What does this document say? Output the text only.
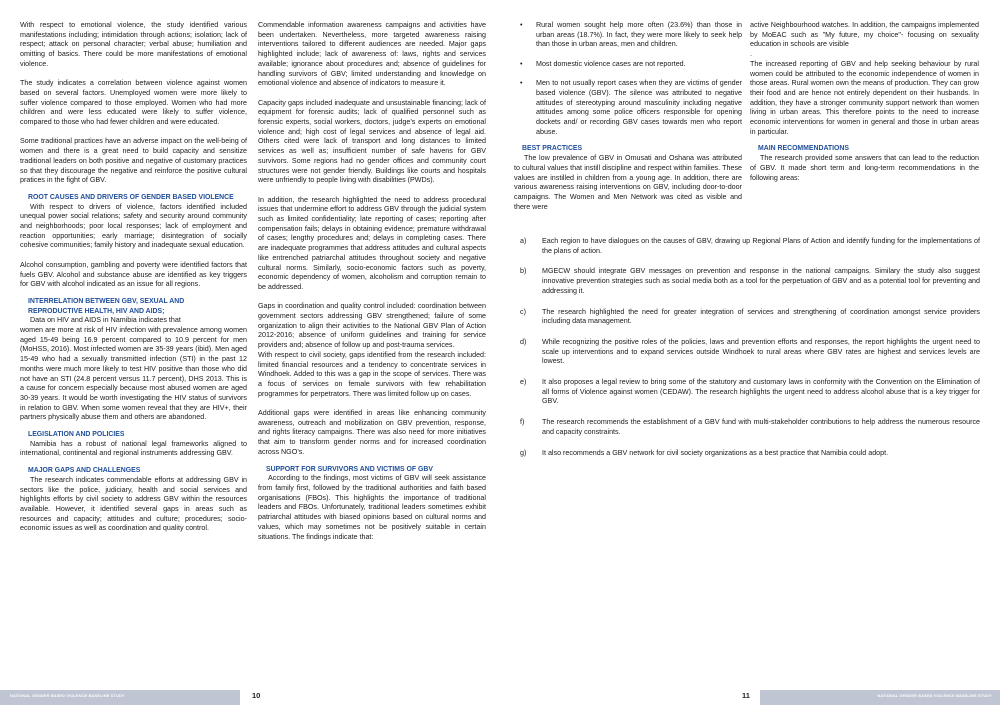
With respect to emotional violence, the study identified various manifestations including; intimidation through actions; isolation; lack of respect; attack on personal character; verbal abuse; humiliation and omitting of basics. There could be more manifestations of emotional violence.

The study indicates a correlation between violence against women based on several factors. Unemployed women were more likely to suffer violence compared to those employed. Women who had more children and were less educated were likely to suffer violence, compared to those who had fewer children and were educated.

Some traditional practices have an adverse impact on the well-being of women and there is a great need to build capacity and sensitize traditional leaders on both positive and negative of customary practices so that they discourage the negative and reinforce the positive cultural pratices in the fight of GBV.

ROOT CAUSES AND DRIVERS OF GENDER BASED VIOLENCE

With respect to drivers of violence, factors identified included unequal power social relations; safety and security around community and neighborhoods; poor local responses; lack of employment and reaction opportunities; early marriage; disintegration of socially cohesive communities; family history and inadequate sexual education.

Alcohol consumption, gambling and poverty were identified factors that fuels GBV. Alcohol and substance abuse are identified as key triggers for GBV with alcohol indicated as an issue for all regions.

INTERRELATION BETWEEN GBV, SEXUAL AND
REPRODUCTIVE HEALTH, HIV AND AIDS;
Data on HIV and AIDS in Namibia indicates that

women are more at risk of HIV infection with prevalence among women aged 15-49 being 16.9 percent compared to 10.9 percent for men (MoHSS, 2016). Most infected women are 35-39 years (ibid). Men aged 15-49 who had a sexually transmitted infection (STI) in the past 12 months were much more likely to test HIV positive than those who did not have an STI (24.8 percent versus 11.7 percent), DHS 2013. This is a cause for concern especially because most abused women are aged 30-39 years. It would be worth investigating the HIV status of survivors in relation to GBV. When some women reveal that they are HIV+, their partners physically abuse them and others are abandoned.

LEGISLATION AND POLICIES

Namibia has a robust of national legal frameworks aligned to international, continental and regional instruments addressing GBV.

MAJOR GAPS AND CHALLENGES

The research indicates commendable efforts at addressing GBV in sectors like the police, judiciary, health and social services and highlights efforts by civil society to address GBV within the resources available. However, it identified several gaps in areas such as resources and capacity; attitudes and culture; procedures; socio-economic issues as well as coordination and quality control.

Commendable information awareness campaigns and activities have been undertaken. Nevertheless, more targeted awareness raising interventions tailored to different audiences are needed. Major gaps highlighted include; lack of awareness of: laws, rights and services available; ignorance about procedures and; absence of guidelines for handling survivors of GBV; limited understanding and knowledge on emotional violence and absence of indicators to measure it.

Capacity gaps included inadequate and unsustainable financing; lack of equipment for forensic audits; lack of qualified personnel such as forensic experts, social workers, doctors, judge’s experts on emotional violence and; high cost of legal services and absence of legal aid. Others cited were lack of transport and long distances to limited services as well as; insufficient number of safe havens for GBV survivors. Some regions had no gender offices and community court structures were not gender friendly. Buildings like courts and hospitals were unfriendly to people living with disabilities (PWDs).

In addition, the research highlighted the need to address procedural issues that undermine effort to address GBV through the judicial system such as limited confidentiality; late reporting of cases; reporting after compensation fails; delays in obtaining evidence; premature withdrawal of cases; lengthy procedures and; delays in completing cases. There are inadequate programmes that address attitudes and cultural aspects like entrenched patriarchal attitudes throughout society and negative cultural norms. Similarly, socio-economic factors such as poverty, economic dependency of women, alcoholism and corruption remain to be addressed.

Gaps in coordination and quality control included: coordination between government sectors addressing GBV strengthened; failure of some organization to align their activities to the National GBV Plan of Action 2012-2016; absence of uniform guidelines and training for service providers and; absence of follow up and post-trauma services.

With respect to civil society, gaps identified from the research included: limited financial resources and a tendency to concentrate services in Windhoek. Added to this was a gap in the scope of services. There was a focus of services on female survivors with few rehabilitation programmes for perpetrators. There was limited follow up on cases.

Additional gaps were identified in areas like enhancing community awareness, outreach and mobilization on GBV prevention, response, and rights literacy campaigns. There was also need for more initiatives that aim to transform gender norms and for increased coordination across NGO’s.

SUPPORT FOR SURVIVORS AND VICTIMS OF GBV

According to the findings, most victims of GBV will seek assistance from family first, followed by the traditional authorities and faith based organisations (FBOs). This highlights the importance of traditional leaders and FBOs. Unfortunately, traditional leaders sometimes exhibit patriarchal attitudes with biased opinions based on cultural norms and values, which may sometimes not be positively suitable in certain situations. The findings indicate that:

• Rural women sought help more often (23.6%) than those in urban areas (18.7%). In fact, they were more likely to seek help than those in urban areas, men and children.
• Most domestic violence cases are not reported.
• Men to not usually report cases when they are victims of gender based violence (GBV). The silence was attributed to negative attitudes of stereotyping around masculinity including negative attitudes among some police officers responsible for opening dockets and/ or recording GBV cases towards men who report abuse.
BEST PRACTICES

The low prevalence of GBV in Omusati and Oshana was attributed to cultural values that instill discipline and respect within families. These values are instilled in children from a young age. In addition, there are various awareness raising interventions on GBV, including door-to-door campaigns. The Women and Men Network was cited as visible and there were

active Neighbourhood watches. In addition, the campaigns implemented by MoEAC such as "My future, my choice"- focusing on sexuality education in schools are visible
.

The increased reporting of GBV and help seeking behaviour by rural women could be attributed to the economic independence of women in those areas. Rural women own the means of production. They can grow their food and are hence not entirely dependent on their husbands. In addition, they have a stronger community support network than women living in urban areas. This therefore points to the need to increase economic interventions for women in general and those in urban areas in particular.

MAIN RECOMMENDATIONS

The research provided some answers that can lead to the reduction of GBV. It made short term and long-term recommendations in the following areas:

a) Each region to have dialogues on the causes of GBV, drawing up Regional Plans of Action and identify funding for the implementations of the plans of action.
b) MGECW should integrate GBV messages on prevention and response in the national campaigns. Similary the study also suggest innovative prevention strategies such as social media both as a tool for the perpetuation of GBV and as a potential tool for preventing and addressing it.
c) The research highlighted the need for greater integration of services and strengthening of coordination amongst service providers including data management.
d) While recognizing the positive roles of the policies, laws and prevention efforts and responses, the report highlights the urgent need to scale up interventions and to expand services outside Windhoek to rural areas where GBV rates are highest and services levels are lowest.
e) It also proposes a legal review to bring some of the statutory and customary laws in conformity with the Convention on the Elimination of all forms of Violence against women (CEDAW). The research highlights the urgent need to address alcohol abuse that is a key trigger for GBV.
f) The research recommends the establishment of a GBV fund with multi-stakeholder contributions to help address the numerous resource and capacity constraints.
g) It also recommends a GBV network for civil society organizations as a best practice that Namibia could adopt.
NATIONAL GENDER BASED VIOLENCE BASELINE STUDY	10	11	NATIONAL GENDER BASED VIOLENCE BASELINE STUDY
